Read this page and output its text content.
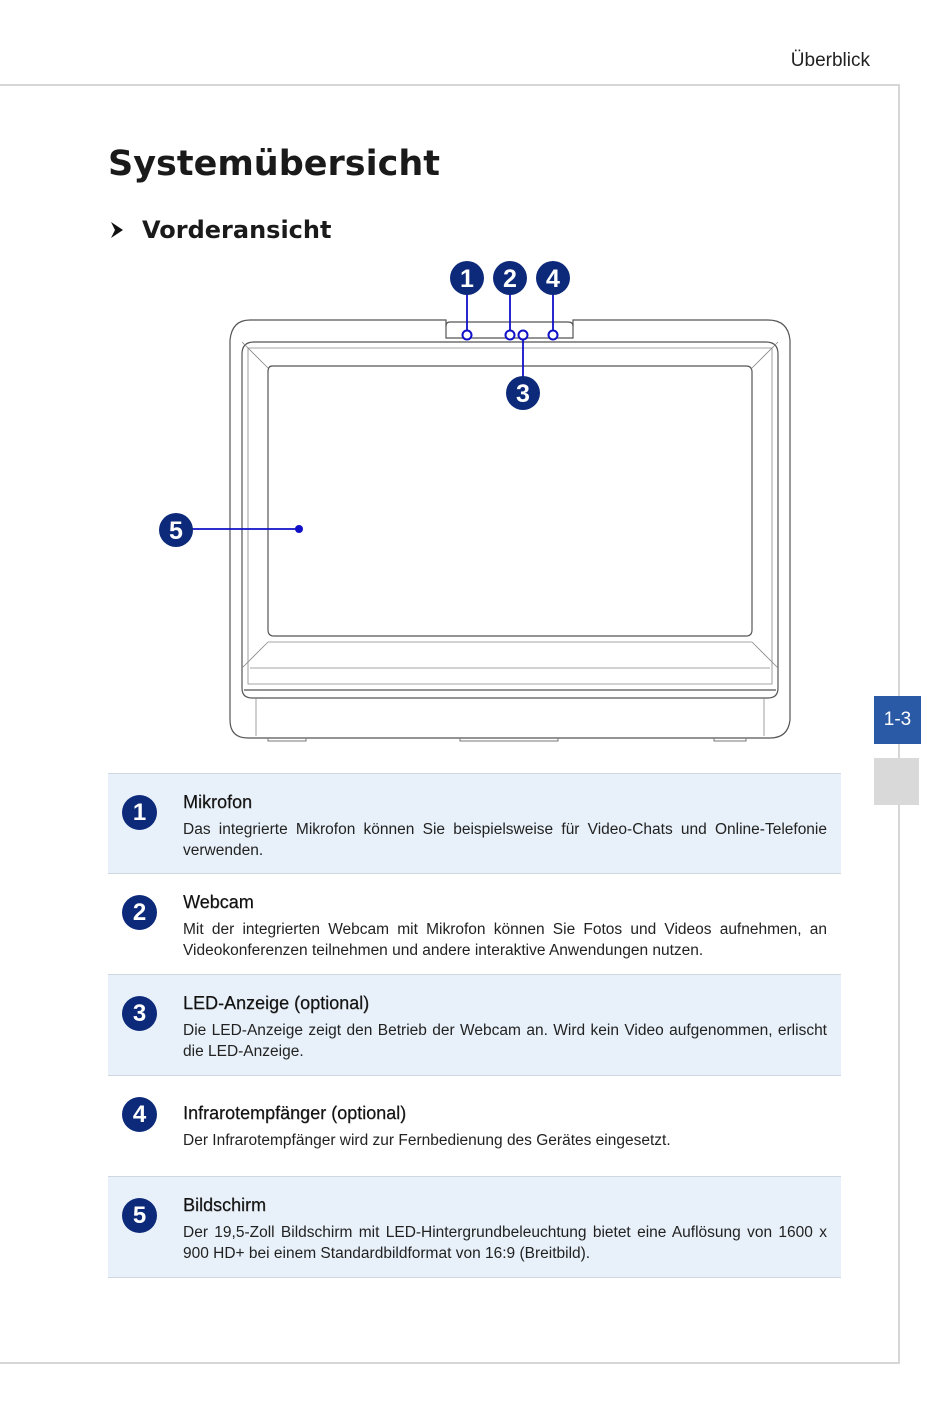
Überblick
Systemübersicht
Vorderansicht
1 2 4
3
5
1-3
1	Mikrofon
Das integrierte Mikrofon können Sie beispielsweise für Video-Chats und Online-Telefonie verwenden.
2	Webcam
Mit der integrierten Webcam mit Mikrofon können Sie Fotos und Videos aufnehmen, an Videokonferenzen teilnehmen und andere interaktive Anwendungen nutzen.
3	LED-Anzeige (optional)
Die LED-Anzeige zeigt den Betrieb der Webcam an. Wird kein Video aufgenommen, erlischt die LED-Anzeige.
4	Infrarotempfänger (optional)
Der Infrarotempfänger wird zur Fernbedienung des Gerätes eingesetzt.
5	Bildschirm
Der 19,5-Zoll Bildschirm mit LED-Hintergrundbeleuchtung bietet eine Auflösung von 1600 x 900 HD+ bei einem Standardbildformat von 16:9 (Breitbild).
